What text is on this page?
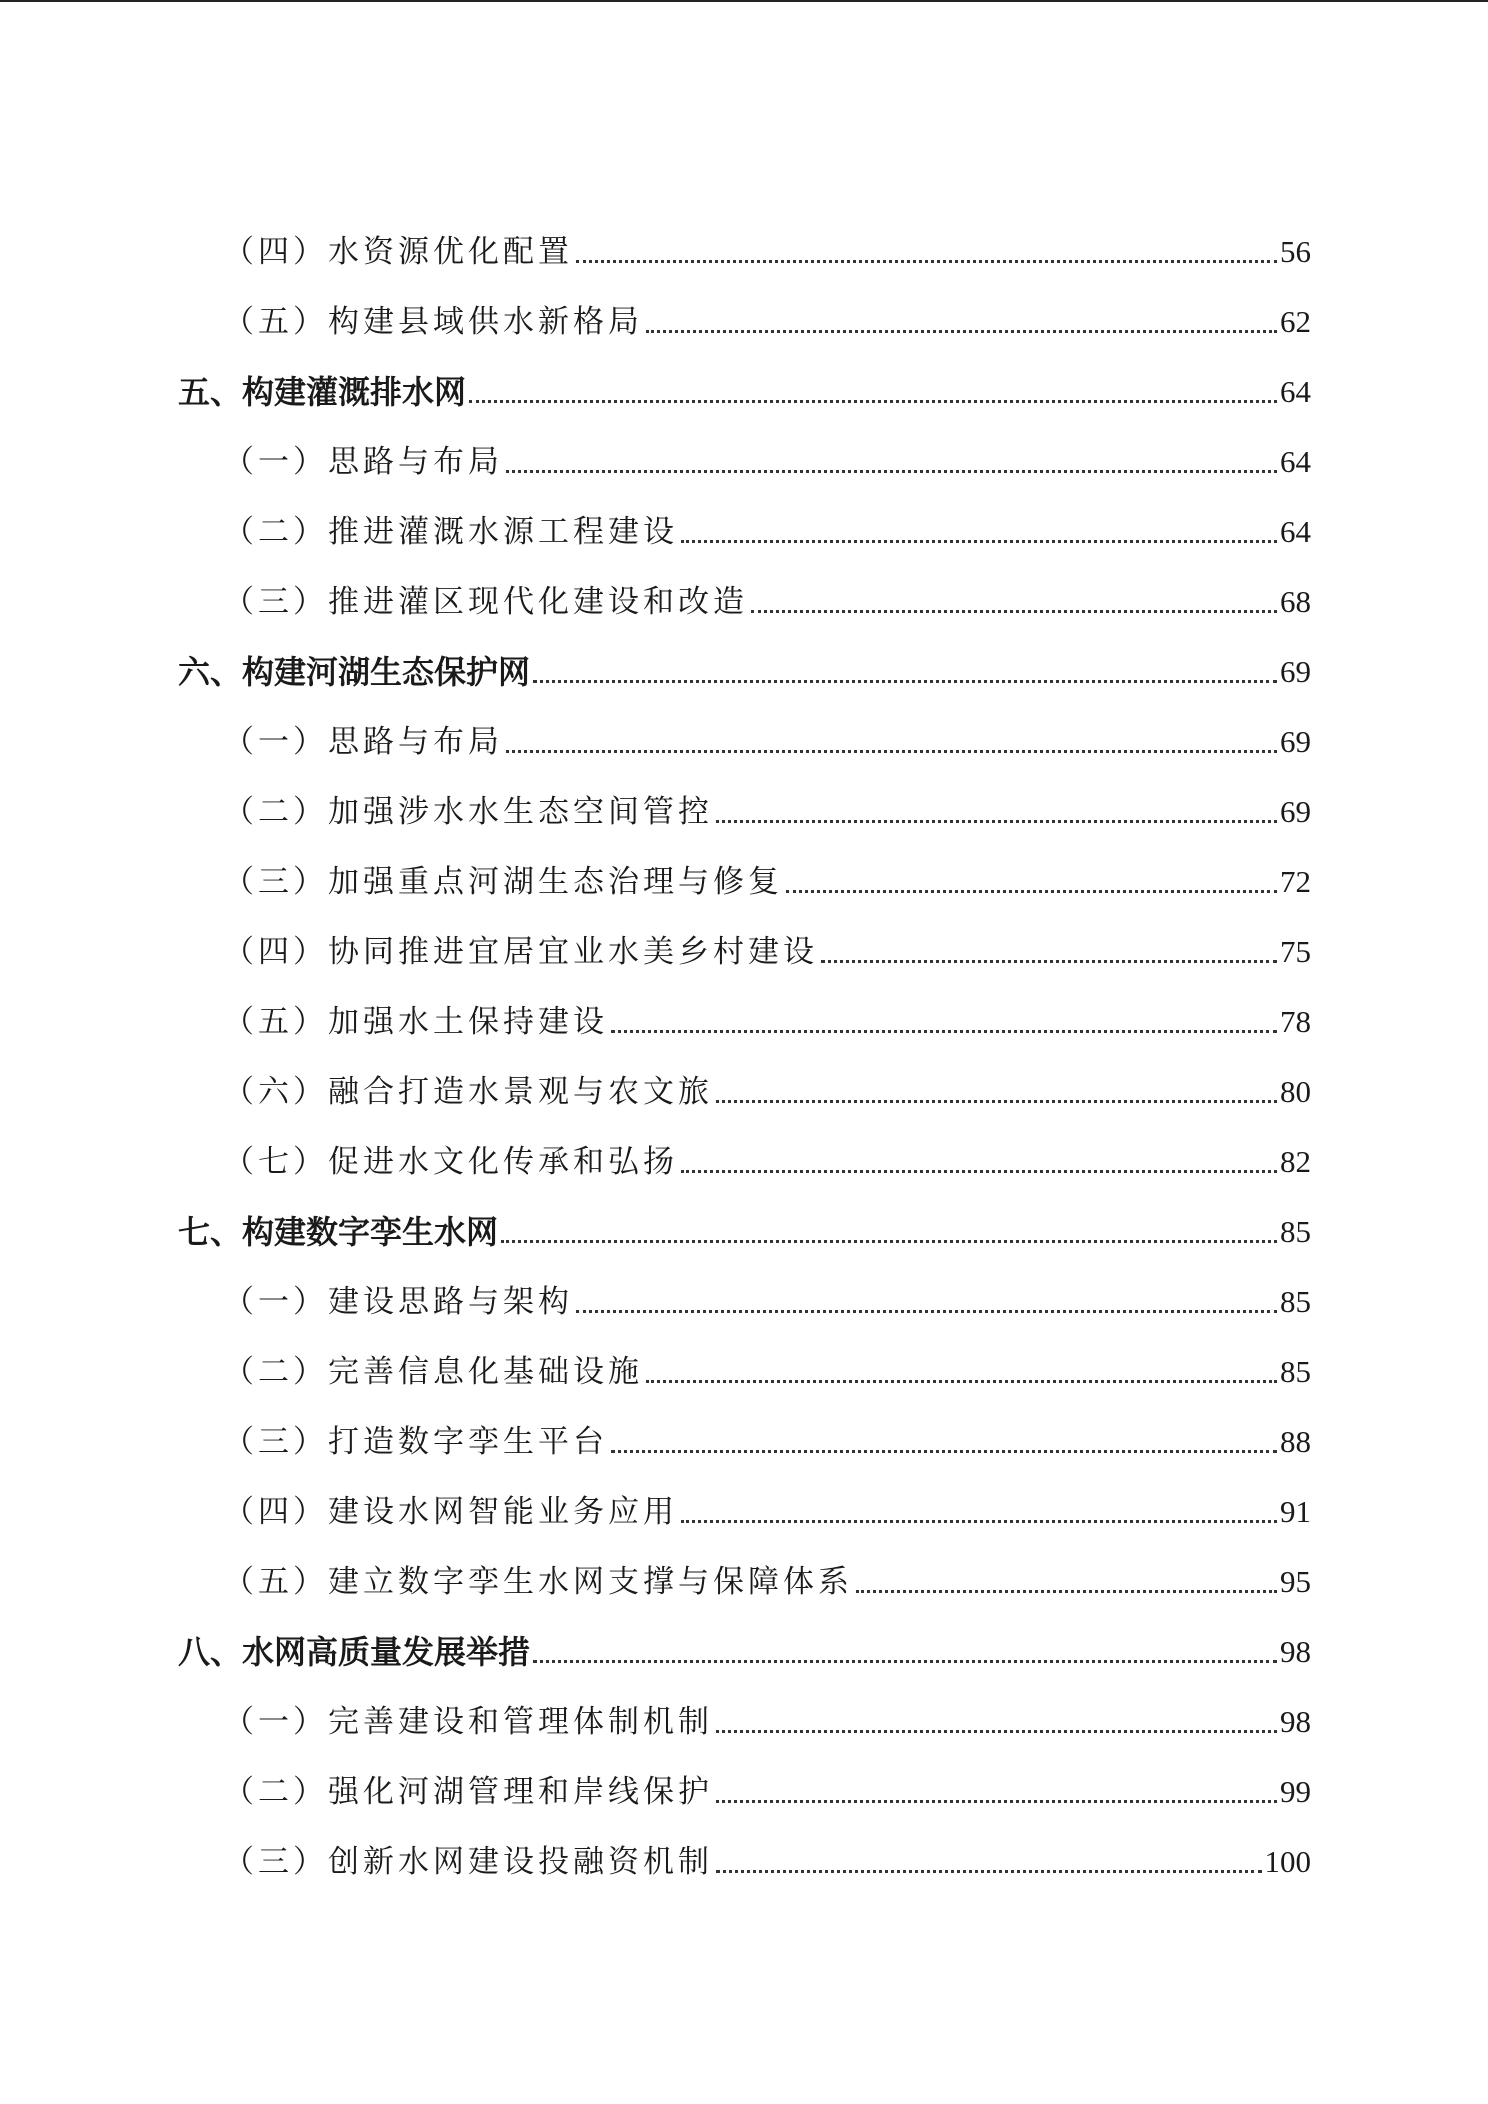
（四）水资源优化配置	56
（五）构建县域供水新格局	62
五、构建灌溉排水网	64
（一）思路与布局	64
（二）推进灌溉水源工程建设	64
（三）推进灌区现代化建设和改造	68
六、构建河湖生态保护网	69
（一）思路与布局	69
（二）加强涉水水生态空间管控	69
（三）加强重点河湖生态治理与修复	72
（四）协同推进宜居宜业水美乡村建设	75
（五）加强水土保持建设	78
（六）融合打造水景观与农文旅	80
（七）促进水文化传承和弘扬	82
七、构建数字孪生水网	85
（一）建设思路与架构	85
（二）完善信息化基础设施	85
（三）打造数字孪生平台	88
（四）建设水网智能业务应用	91
（五）建立数字孪生水网支撑与保障体系	95
八、水网高质量发展举措	98
（一）完善建设和管理体制机制	98
（二）强化河湖管理和岸线保护	99
（三）创新水网建设投融资机制	100
